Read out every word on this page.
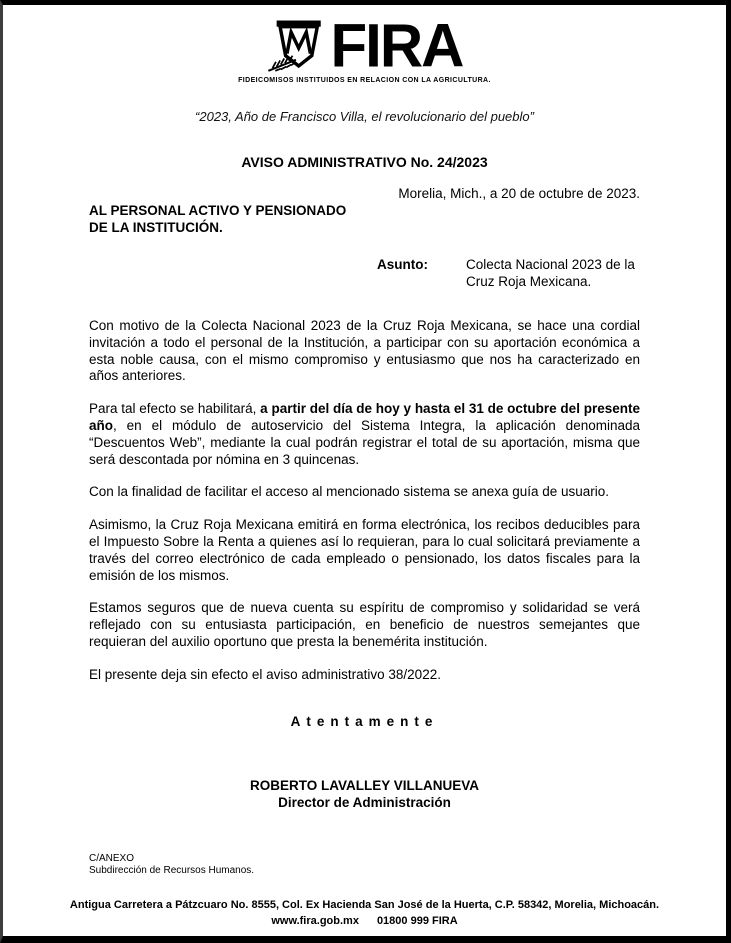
FIRA
FIDEICOMISOS INSTITUIDOS EN RELACION CON LA AGRICULTURA.
“2023, Año de Francisco Villa, el revolucionario del pueblo”
AVISO ADMINISTRATIVO No. 24/2023
Morelia, Mich., a 20 de octubre de 2023.
AL PERSONAL ACTIVO Y PENSIONADO
DE LA INSTITUCIÓN.
Asunto:	Colecta Nacional 2023 de la
Cruz Roja Mexicana.

Con motivo de la Colecta Nacional 2023 de la Cruz Roja Mexicana, se hace una cordial invitación a todo el personal de la Institución, a participar con su aportación económica a esta noble causa, con el mismo compromiso y entusiasmo que nos ha caracterizado en años anteriores.

Para tal efecto se habilitará, a partir del día de hoy y hasta el 31 de octubre del presente año, en el módulo de autoservicio del Sistema Integra, la aplicación denominada “Descuentos Web”, mediante la cual podrán registrar el total de su aportación, misma que será descontada por nómina en 3 quincenas.

Con la finalidad de facilitar el acceso al mencionado sistema se anexa guía de usuario.

Asimismo, la Cruz Roja Mexicana emitirá en forma electrónica, los recibos deducibles para el Impuesto Sobre la Renta a quienes así lo requieran, para lo cual solicitará previamente a través del correo electrónico de cada empleado o pensionado, los datos fiscales para la emisión de los mismos.

Estamos seguros que de nueva cuenta su espíritu de compromiso y solidaridad se verá reflejado con su entusiasta participación, en beneficio de nuestros semejantes que requieran del auxilio oportuno que presta la benemérita institución.

El presente deja sin efecto el aviso administrativo 38/2022.

Atentamente
ROBERTO LAVALLEY VILLANUEVA
Director de Administración
C/ANEXO
Subdirección de Recursos Humanos.
Antigua Carretera a Pátzcuaro No. 8555, Col. Ex Hacienda San José de la Huerta, C.P. 58342, Morelia, Michoacán.
www.fira.gob.mx 01800 999 FIRA
